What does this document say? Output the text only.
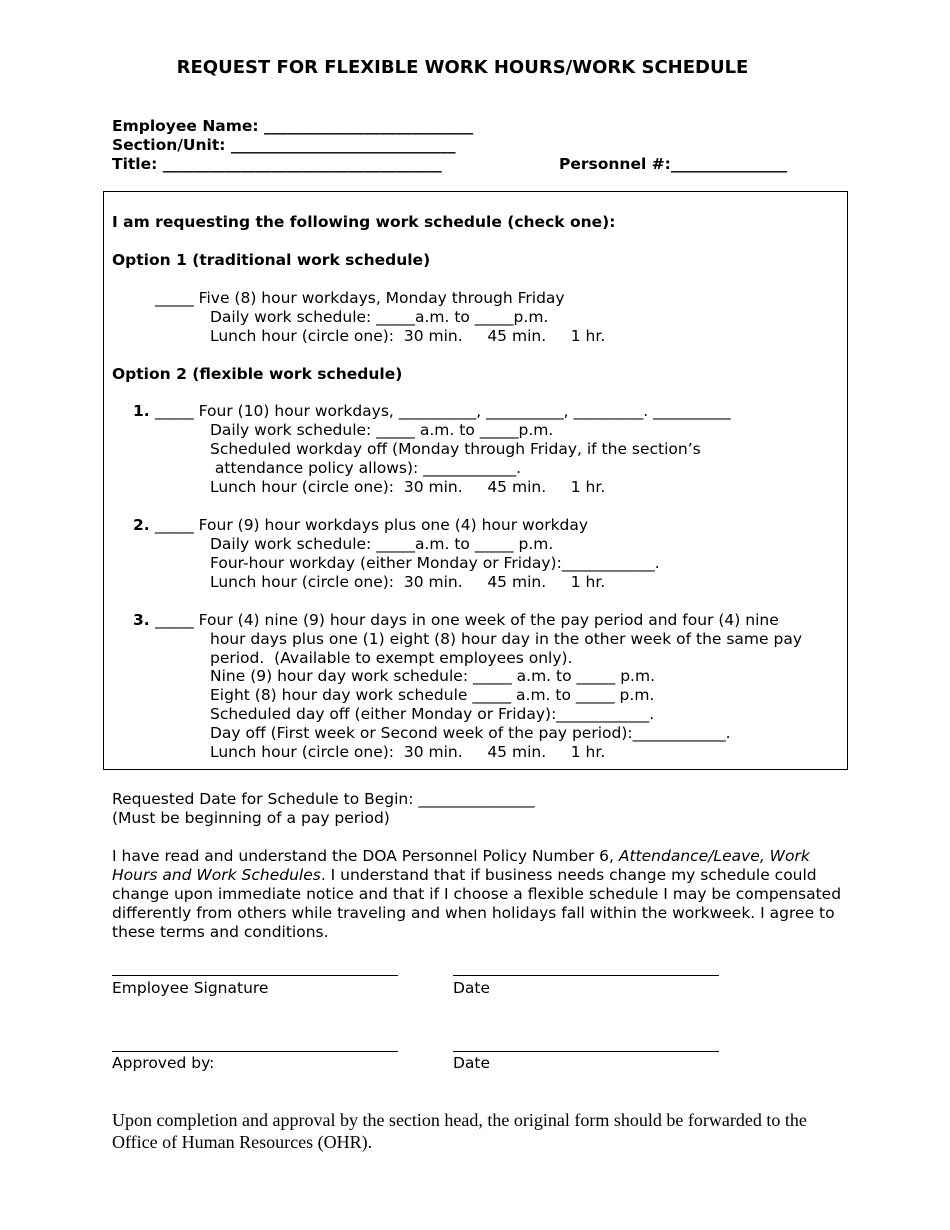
REQUEST FOR FLEXIBLE WORK HOURS/WORK SCHEDULE
Employee Name: ___________________________
Section/Unit: _____________________________
Title: ____________________________________	Personnel #:_______________
I am requesting the following work schedule (check one):
Option 1 (traditional work schedule)
_____ Five (8) hour workdays, Monday through Friday
Daily work schedule: _____a.m. to _____p.m.
Lunch hour (circle one):  30 min.     45 min.     1 hr.
Option 2 (flexible work schedule)
1. _____ Four (10) hour workdays, __________, __________, _________. __________
Daily work schedule: _____ a.m. to _____p.m.
Scheduled workday off (Monday through Friday, if the section’s
attendance policy allows): ____________.
Lunch hour (circle one):  30 min.     45 min.     1 hr.
2. _____ Four (9) hour workdays plus one (4) hour workday
Daily work schedule: _____a.m. to _____ p.m.
Four-hour workday (either Monday or Friday):____________.
Lunch hour (circle one):  30 min.     45 min.     1 hr.
3. _____ Four (4) nine (9) hour days in one week of the pay period and four (4) nine
hour days plus one (1) eight (8) hour day in the other week of the same pay
period.  (Available to exempt employees only).
Nine (9) hour day work schedule: _____ a.m. to _____ p.m.
Eight (8) hour day work schedule _____ a.m. to _____ p.m.
Scheduled day off (either Monday or Friday):____________.
Day off (First week or Second week of the pay period):____________.
Lunch hour (circle one):  30 min.     45 min.     1 hr.
Requested Date for Schedule to Begin: _______________
(Must be beginning of a pay period)
I have read and understand the DOA Personnel Policy Number 6, Attendance/Leave, Work Hours and Work Schedules. I understand that if business needs change my schedule could change upon immediate notice and that if I choose a flexible schedule I may be compensated differently from others while traveling and when holidays fall within the workweek. I agree to these terms and conditions.
Employee Signature	Date
Approved by:	Date
Upon completion and approval by the section head, the original form should be forwarded to the Office of Human Resources (OHR).
